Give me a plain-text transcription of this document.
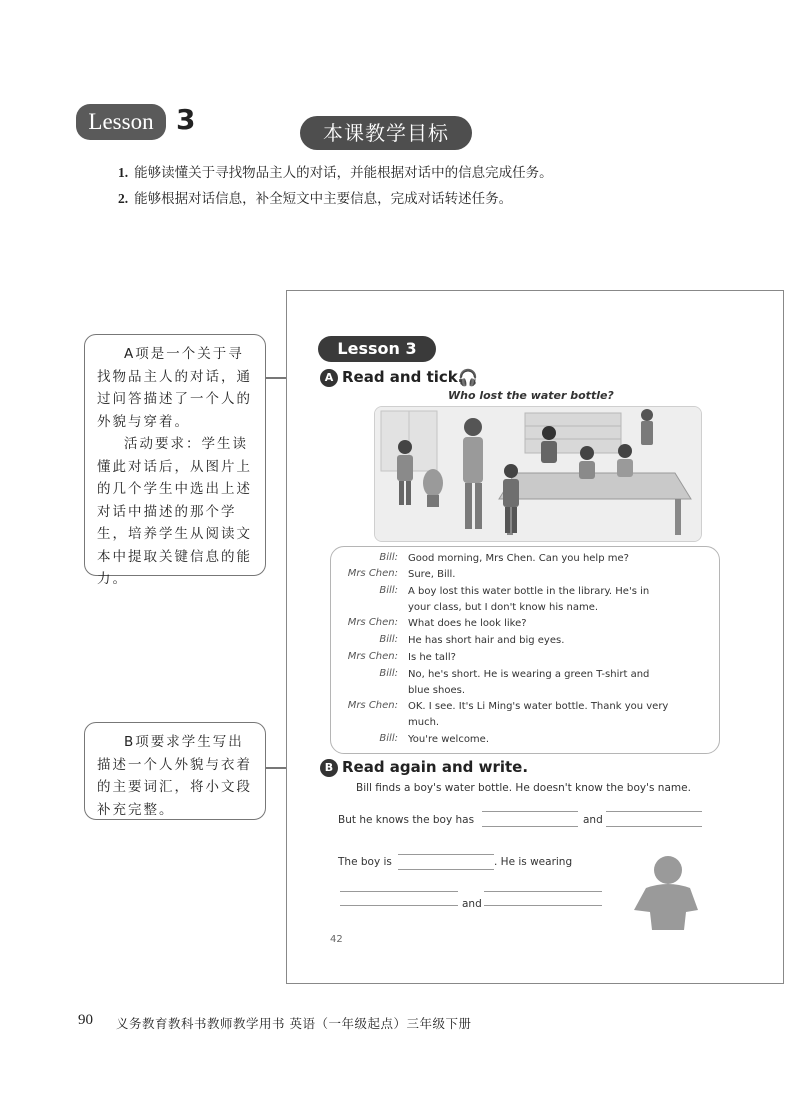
Lesson 3	本课教学目标
1. 能够读懂关于寻找物品主人的对话，并能根据对话中的信息完成任务。
2. 能够根据对话信息，补全短文中主要信息，完成对话转述任务。

A项是一个关于寻找物品主人的对话，通过问答描述了一个人的外貌与穿着。

活动要求：学生读懂此对话后，从图片上的几个学生中选出上述对话中描述的那个学生，培养学生从阅读文本中提取关键信息的能力。

B项要求学生写出描述一个人外貌与衣着的主要词汇，将小文段补充完整。

Lesson 3
A Read and tick.
🎧
Who lost the water bottle?
Bill: Good morning, Mrs Chen. Can you help me?
Mrs Chen: Sure, Bill.
Bill: A boy lost this water bottle in the library. He's in
your class, but I don't know his name.
Mrs Chen: What does he look like?
Bill: He has short hair and big eyes.
Mrs Chen: Is he tall?
Bill: No, he's short. He is wearing a green T-shirt and
blue shoes.
Mrs Chen: OK. I see. It's Li Ming's water bottle. Thank you very
much.
Bill: You're welcome.
B Read again and write.
Bill finds a boy's water bottle. He doesn't know the boy's name.
But he knows the boy has	and
The boy is	. He is wearing
and
42
90 义务教育教科书教师教学用书 英语（一年级起点）三年级下册
